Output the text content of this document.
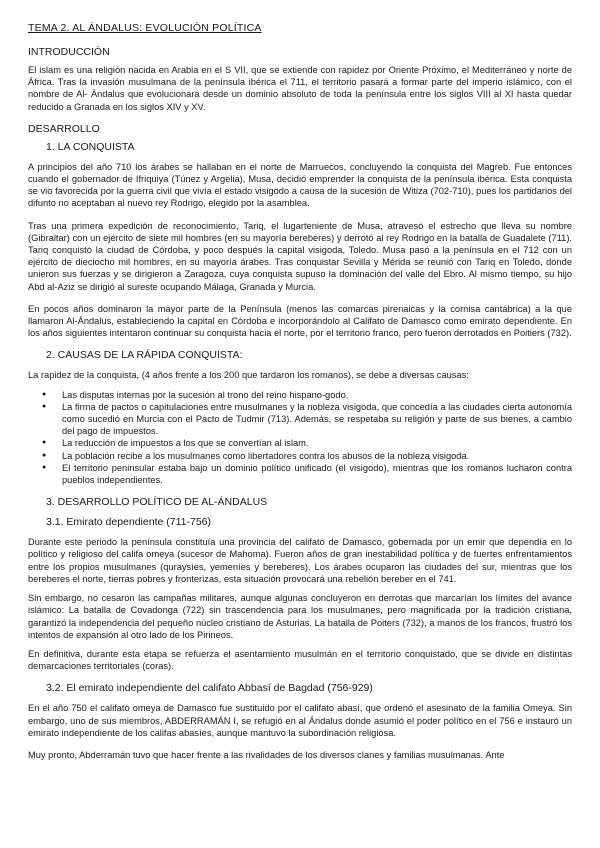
TEMA 2. AL ÁNDALUS: EVOLUCIÓN POLÍTICA
INTRODUCCIÓN

El islam es una religión nacida en Arabia en el S VII, que se extiende con rapidez por Oriente Próximo, el Mediterráneo y norte de África. Tras la invasión musulmana de la península ibérica el 711, el territorio pasará a formar parte del imperio islámico, con el nombre de Al- Ándalus que evolucionará desde un dominio absoluto de toda la península entre los siglos VIII al XI hasta quedar reducido a Granada en los siglos XIV y XV.

DESARROLLO
1. LA CONQUISTA

A principios del año 710 los árabes se hallaban en el norte de Marruecos, concluyendo la conquista del Magreb. Fue entonces cuando el gobernador de Ifriquiya (Túnez y Argelia), Musa, decidió emprender la conquista de la península ibérica. Esta conquista se vio favorecida por la guerra civil que vivía el estado visigodo a causa de la sucesión de Witiza (702-710), pues los partidarios del difunto no aceptaban al nuevo rey Rodrigo, elegido por la asamblea.

Tras una primera expedición de reconocimiento, Tariq, el lugarteniente de Musa, atravesó el estrecho que lleva su nombre (Gibraltar) con un ejército de siete mil hombres (en su mayoría bereberes) y derrotó al rey Rodrigo en la batalla de Guadalete (711). Tariq conquistó la ciudad de Córdoba, y poco después la capital visigoda, Toledo. Musa pasó a la península en el 712 con un ejército de dieciocho mil hombres, en su mayoría árabes. Tras conquistar Sevilla y Mérida se reunió con Tariq en Toledo, donde unieron sus fuerzas y se dirigieron a Zaragoza, cuya conquista supuso la dominación del valle del Ebro. Al mismo tiempo, su hijo Abd al-Aziz se dirigió al sureste ocupando Málaga, Granada y Murcia.

En pocos años dominaron la mayor parte de la Península (menos las comarcas pirenaicas y la cornisa cantábrica) a la que llamaron Al-Ándalus, estableciendo la capital en Córdoba e incorporándolo al Califato de Damasco como emirato dependiente. En los años siguientes intentaron continuar su conquista hacia el norte, por el territorio franco, pero fueron derrotados en Poitiers (732).

2. CAUSAS DE LA RÁPIDA CONQUISTA:

La rapidez de la conquista, (4 años frente a los 200 que tardaron los romanos), se debe a diversas causas:

● Las disputas internas por la sucesión al trono del reino hispano-godo.
● La firma de pactos o capitulaciones entre musulmanes y la nobleza visigoda, que concedía a las ciudades cierta autonomía como sucedió en Murcia con el Pacto de Tudmir (713). Además, se respetaba su religión y parte de sus bienes, a cambio del pago de impuestos.
● La reducción de impuestos a los que se convertían al islam.
● La población recibe a los musulmanes como libertadores contra los abusos de la nobleza visigoda.
● El territorio peninsular estaba bajo un dominio político unificado (el visigodo), mientras que los romanos lucharon contra pueblos independientes.
3. DESARROLLO POLÍTICO DE AL-ÁNDALUS
3.1. Emirato dependiente (711-756)

Durante este periodo la península constituía una provincia del califato de Damasco, gobernada por un emir que dependía en lo político y religioso del califa omeya (sucesor de Mahoma). Fueron años de gran inestabilidad política y de fuertes enfrentamientos entre los propios musulmanes (quraysíes, yemeníes y bereberes). Los árabes ocuparon las ciudades del sur, mientras que los bereberes el norte, tierras pobres y fronterizas, esta situación provocará una rebelión bereber en el 741.

Sin embargo, no cesaron las campañas militares, aunque algunas concluyeron en derrotas que marcarían los límites del avance islámico: La batalla de Covadonga (722) sin trascendencia para los musulmanes, pero magnificada por la tradición cristiana, garantizó la independencia del pequeño núcleo cristiano de Asturias. La batalla de Poiters (732), a manos de los francos, frustró los intentos de expansión al otro lado de los Pirineos.

En definitiva, durante esta etapa se refuerza el asentamiento musulmán en el territorio conquistado, que se divide en distintas demarcaciones territoriales (coras).

3.2. El emirato independiente del califato Abbasí de Bagdad (756-929)

En el año 750 el califato omeya de Damasco fue sustituido por el califato abasí, que ordenó el asesinato de la familia Omeya. Sin embargo, uno de sus miembros, ABDERRAMÁN I, se refugió en al Ándalus donde asumió el poder político en el 756 e instauró un emirato independiente de los califas abasíes, aunque mantuvo la subordinación religiosa.

Muy pronto, Abderramán tuvo que hacer frente a las rivalidades de los diversos clanes y familias musulmanas. Ante
